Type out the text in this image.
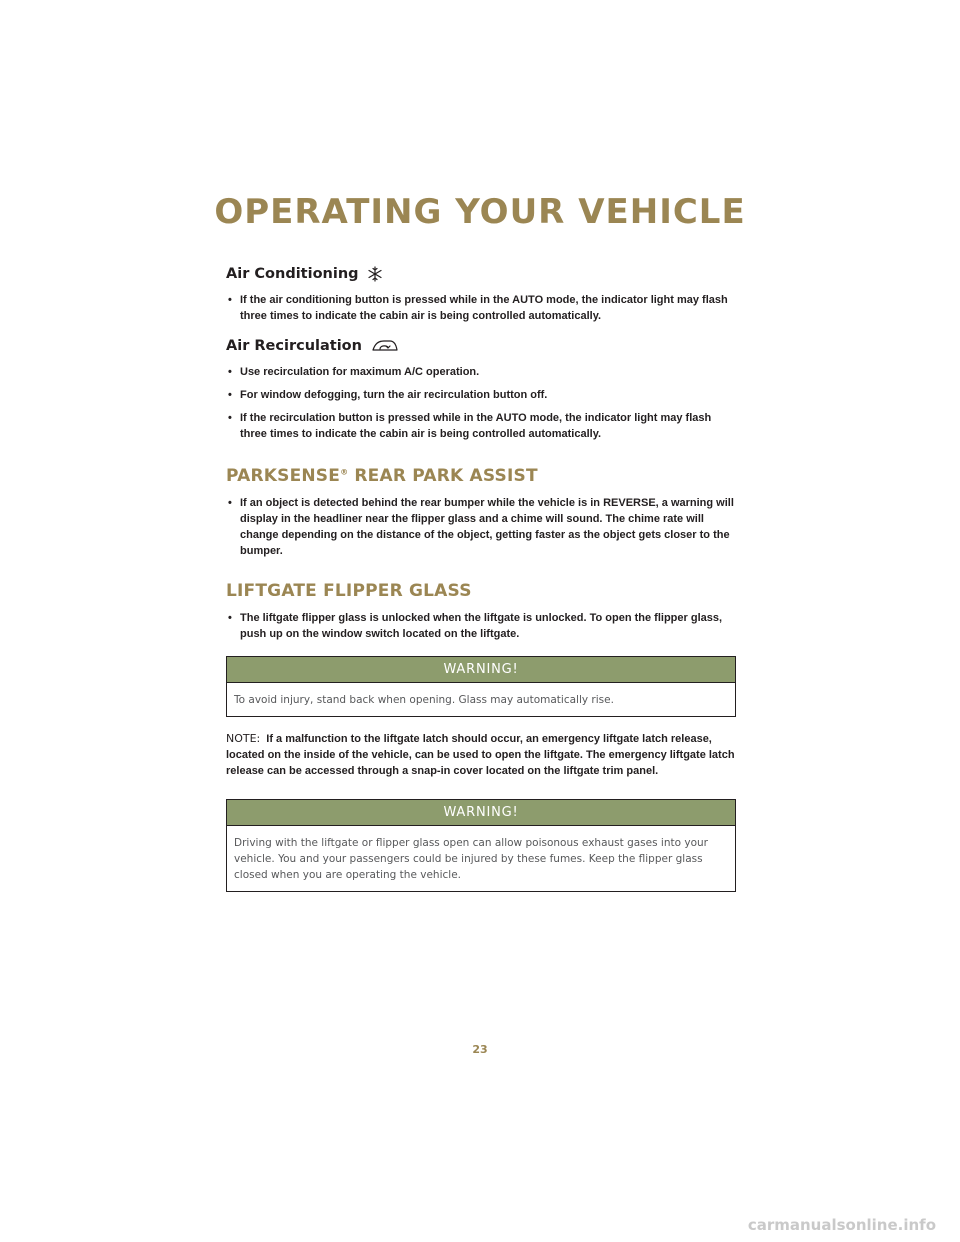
OPERATING YOUR VEHICLE
Air Conditioning
• If the air conditioning button is pressed while in the AUTO mode, the indicator light may flash three times to indicate the cabin air is being controlled automatically.
Air Recirculation
• Use recirculation for maximum A/C operation.
• For window defogging, turn the air recirculation button off.
• If the recirculation button is pressed while in the AUTO mode, the indicator light may flash three times to indicate the cabin air is being controlled automatically.
PARKSENSE® REAR PARK ASSIST
• If an object is detected behind the rear bumper while the vehicle is in REVERSE, a warning will display in the headliner near the flipper glass and a chime will sound. The chime rate will change depending on the distance of the object, getting faster as the object gets closer to the bumper.
LIFTGATE FLIPPER GLASS
• The liftgate flipper glass is unlocked when the liftgate is unlocked. To open the flipper glass, push up on the window switch located on the liftgate.
WARNING!
To avoid injury, stand back when opening. Glass may automatically rise.
NOTE: If a malfunction to the liftgate latch should occur, an emergency liftgate latch release, located on the inside of the vehicle, can be used to open the liftgate. The emergency liftgate latch release can be accessed through a snap-in cover located on the liftgate trim panel.
WARNING!
Driving with the liftgate or flipper glass open can allow poisonous exhaust gases into your vehicle. You and your passengers could be injured by these fumes. Keep the flipper glass closed when you are operating the vehicle.
23
carmanualsonline.info
